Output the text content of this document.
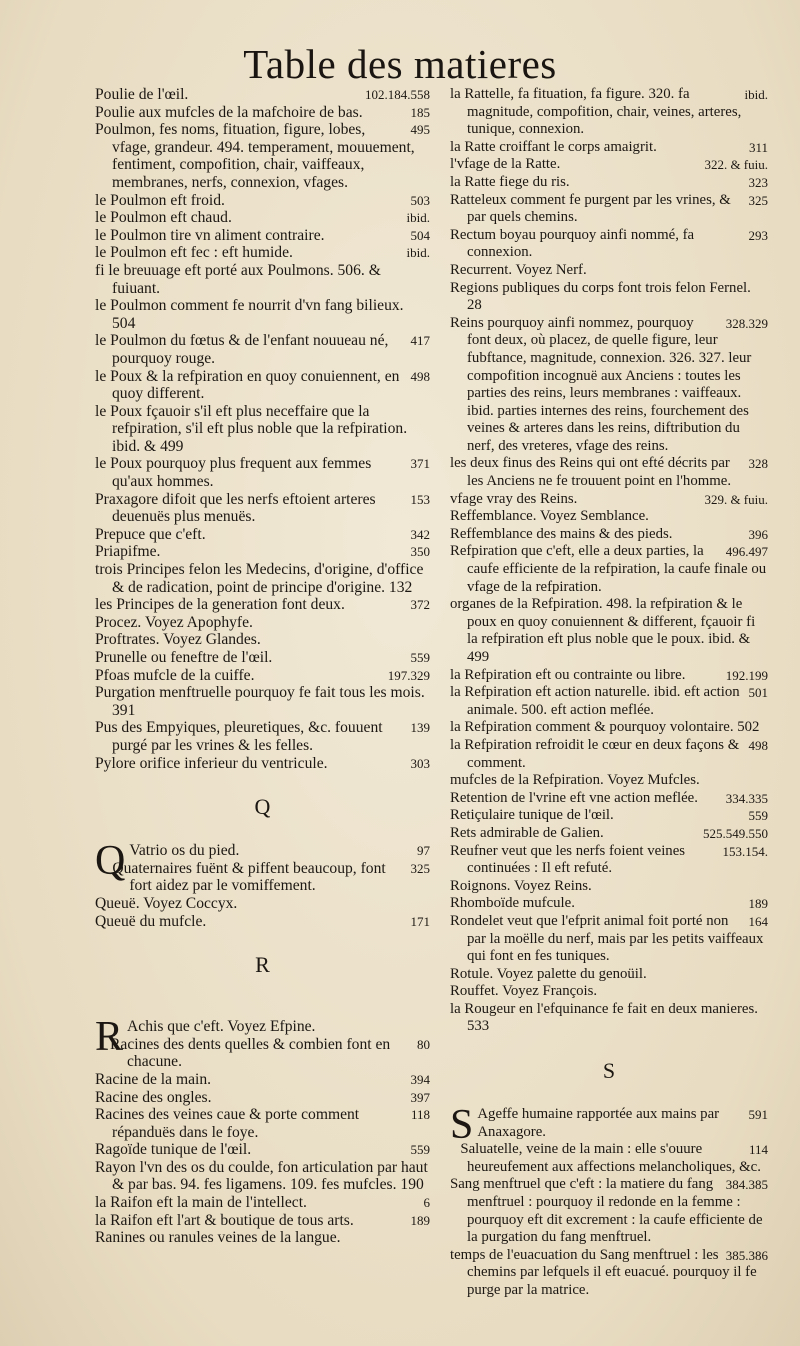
Table des matieres

102.184.558
Poulie de l'œil.

185
Poulie aux mufcles de la mafchoire de bas.

495
Poulmon, fes noms, fituation, figure, lobes, vfage, grandeur. 494. temperament, mouuement, fentiment, compofition, chair, vaiffeaux, membranes, nerfs, connexion, vfages.

503
le Poulmon eft froid.

ibid.
le Poulmon eft chaud.

504
le Poulmon tire vn aliment contraire.

ibid.
le Poulmon eft fec : eft humide.

fi le breuuage eft porté aux Poulmons. 506. & fuiuant.

le Poulmon comment fe nourrit d'vn fang bilieux. 504

417
le Poulmon du fœtus & de l'enfant nouueau né, pourquoy rouge.

498
le Poux & la refpiration en quoy conuiennent, en quoy different.

le Poux fçauoir s'il eft plus neceffaire que la refpiration, s'il eft plus noble que la refpiration. ibid. & 499

371
le Poux pourquoy plus frequent aux femmes qu'aux hommes.

153
Praxagore difoit que les nerfs eftoient arteres deuenuës plus menuës.

342
Prepuce que c'eft.

350
Priapifme.

trois Principes felon les Medecins, d'origine, d'office & de radication, point de principe d'origine. 132

372
les Principes de la generation font deux.

Procez. Voyez Apophyfe.

Proftrates. Voyez Glandes.

559
Prunelle ou feneftre de l'œil.

197.329
Pfoas mufcle de la cuiffe.

Purgation menftruelle pourquoy fe fait tous les mois. 391

139
Pus des Empyiques, pleuretiques, &c. fouuent purgé par les vrines & les felles.

303
Pylore orifice inferieur du ventricule.

Q

Q	97
Vatrio os du pied.

325
Quaternaires fuënt & piffent beaucoup, font fort aidez par le vomiffement.

Queuë. Voyez Coccyx.

171
Queuë du mufcle.

R

R Achis que c'eft. Voyez Efpine.

80
Racines des dents quelles & combien font en chacune.

394
Racine de la main.

397
Racine des ongles.

118
Racines des veines caue & porte comment répanduës dans le foye.

559
Ragoïde tunique de l'œil.

Rayon l'vn des os du coulde, fon articulation par haut & par bas. 94. fes ligamens. 109. fes mufcles. 190

6
la Raifon eft la main de l'intellect.

189
la Raifon eft l'art & boutique de tous arts.

Ranines ou ranules veines de la langue.

ibid.
la Rattelle, fa fituation, fa figure. 320. fa magnitude, compofition, chair, veines, arteres, tunique, connexion.

311
la Ratte croiffant le corps amaigrit.

322. & fuiu.
l'vfage de la Ratte.

323
la Ratte fiege du ris.

325
Ratteleux comment fe purgent par les vrines, & par quels chemins.

293
Rectum boyau pourquoy ainfi nommé, fa connexion.

Recurrent. Voyez Nerf.

Regions publiques du corps font trois felon Fernel. 28

328.329
Reins pourquoy ainfi nommez, pourquoy font deux, où placez, de quelle figure, leur fubftance, magnitude, connexion. 326. 327. leur compofition incognuë aux Anciens : toutes les parties des reins, leurs membranes : vaiffeaux. ibid. parties internes des reins, fourchement des veines & arteres dans les reins, diftribution du nerf, des vreteres, vfage des reins.

328
les deux finus des Reins qui ont efté décrits par les Anciens ne fe trouuent point en l'homme.

329. & fuiu.
vfage vray des Reins.

Reffemblance. Voyez Semblance.

396
Reffemblance des mains & des pieds.

496.497
Refpiration que c'eft, elle a deux parties, la caufe efficiente de la refpiration, la caufe finale ou vfage de la refpiration.

organes de la Refpiration. 498. la refpiration & le poux en quoy conuiennent & different, fçauoir fi la refpiration eft plus noble que le poux. ibid. & 499

192.199
la Refpiration eft ou contrainte ou libre.

501
la Refpiration eft action naturelle. ibid. eft action animale. 500. eft action meflée.

la Refpiration comment & pourquoy volontaire. 502

498
la Refpiration refroidit le cœur en deux façons & comment.

mufcles de la Refpiration. Voyez Mufcles.

334.335
Retention de l'vrine eft vne action meflée.

559
Retiçulaire tunique de l'œil.

525.549.550
Rets admirable de Galien.

153.154.
Reufner veut que les nerfs foient veines continuées : Il eft refuté.

Roignons. Voyez Reins.

189
Rhomboïde mufcule.

164
Rondelet veut que l'efprit animal foit porté non par la moëlle du nerf, mais par les petits vaiffeaux qui font en fes tuniques.

Rotule. Voyez palette du genoüil.

Rouffet. Voyez François.

la Rougeur en l'efquinance fe fait en deux manieres. 533

S

S	591
Ageffe humaine rapportée aux mains par Anaxagore.

114
Saluatelle, veine de la main : elle s'ouure heureufement aux affections melancholiques, &c.

384.385
Sang menftruel que c'eft : la matiere du fang menftruel : pourquoy il redonde en la femme : pourquoy eft dit excrement : la caufe efficiente de la purgation du fang menftruel.

385.386
temps de l'euacuation du Sang menftruel : les chemins par lefquels il eft euacué. pourquoy il fe purge par la matrice.
